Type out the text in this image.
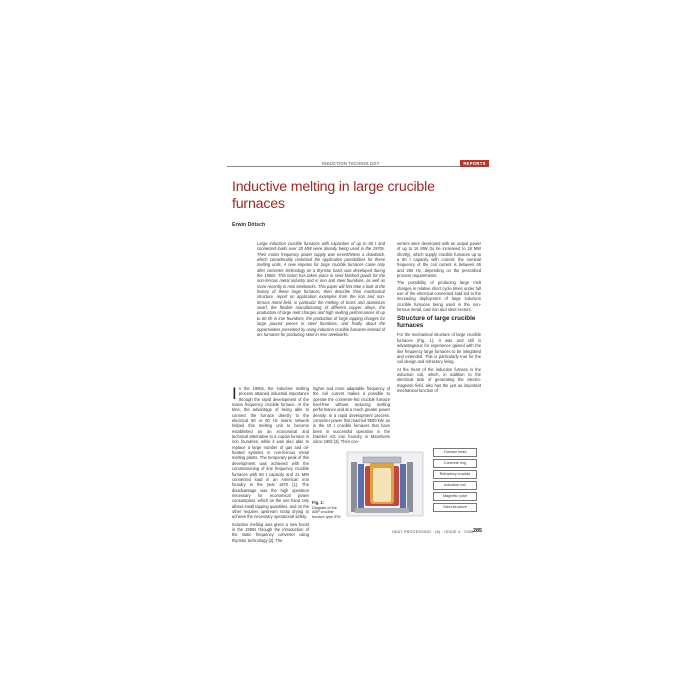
INDUCTION TECHNOLOGY	REPORTS
Inductive melting in large crucible furnaces
Erwin Dötsch
Large induction crucible furnaces with capacities of up to 60 t and connected loads over 20 MW were already being used in the 1970s. Their mains frequency power supply was nevertheless a drawback, which considerably restricted the application possibilities for these melting units. A new impetus for large crucible furnaces came only after converter technology on a thyristor basis was developed during the 1980s. This boom has taken place in semi-finished goods for the non-ferrous metal industry and in iron and steel foundries, as well as more recently in mini steelworks. This paper will first take a look at the history of these large furnaces, then describe their mechanical structure, report on application examples from the iron and non-ferrous metal field, in particular the melting of brass and aluminium swarf, the flexible manufacturing of different copper alloys, the production of large melt charges and high melting performances of up to 60 t/h in iron foundries, the production of large tapping charges for large poured pieces in steel foundries, and finally about the opportunities presented by using induction crucible furnaces instead of arc furnaces for producing steel in mini steelworks.

In the 1980s, the inductive melting process attained industrial importance through the rapid development of the mains frequency crucible furnace. At the time, the advantage of being able to connect the furnace directly to the electrical 50 or 60 Hz mains network helped this melting unit to become established as an economical and technical alternative to a cupola furnace in iron foundries, while it was also able to replace a large number of gas and oil-heated systems in non-ferrous metal melting plants. The temporary peak of this development was achieved with the commissioning of line frequency crucible furnaces with 60 t capacity and 21 MW connected load in an American iron foundry in the year 1970 [1]. The disadvantage was the high operation necessary for economical power consumption, which on the one hand only allows small tapping quantities, and on the other requires upstream scrap drying to achieve the necessary operational safety.

Inductive melting was given a new boost in the 1980s through the introduction of the static frequency converter using thyristor technology [2]. The

higher and more adaptable frequency of the coil current makes it possible to operate the converter-fed crucible furnace heel-free without reducing melting performance and at a much greater power density. In a rapid development process, converter power first reached 9500 kW, as in the 10 t crucible furnaces that have been in successful operation in the Daimler AG iron foundry in Mannheim since 1992 [3]. Then con-

verters were developed with an output power of up to 16 MW (to be increased to 18 MW shortly), which supply crucible furnaces up to a 60 t capacity with current; the nominal frequency of the coil current is between 65 and 250 Hz, depending on the prescribed process requirements.

The possibility of producing large melt charges in relative short cycle times under full use of the electrical connected load led to the increasing deployment of large induction crucible furnaces being used in the non-ferrous metal, cast iron and steel sectors.

Structure of large crucible furnaces

For the mechanical structure of large crucible furnaces (Fig. 1), it was and still is advantageous for experience gained with the line frequency large furnaces to be integrated and extended. This is particularly true for the coil design and refractory lining.

At the heart of the induction furnace is the induction coil, which, in addition to the electrical task of generating the electro-magnetic field, also has the just as important mechanical function of

Furnace head
Concrete ring
Refractory crucible
Induction coil
Magnetic yoke
Steel structure
Fig. 1:
Diagram of the ABP crucible furnace type IFM
HEAT PROCESSING · (6) · ISSUE 4 · 2008 285
